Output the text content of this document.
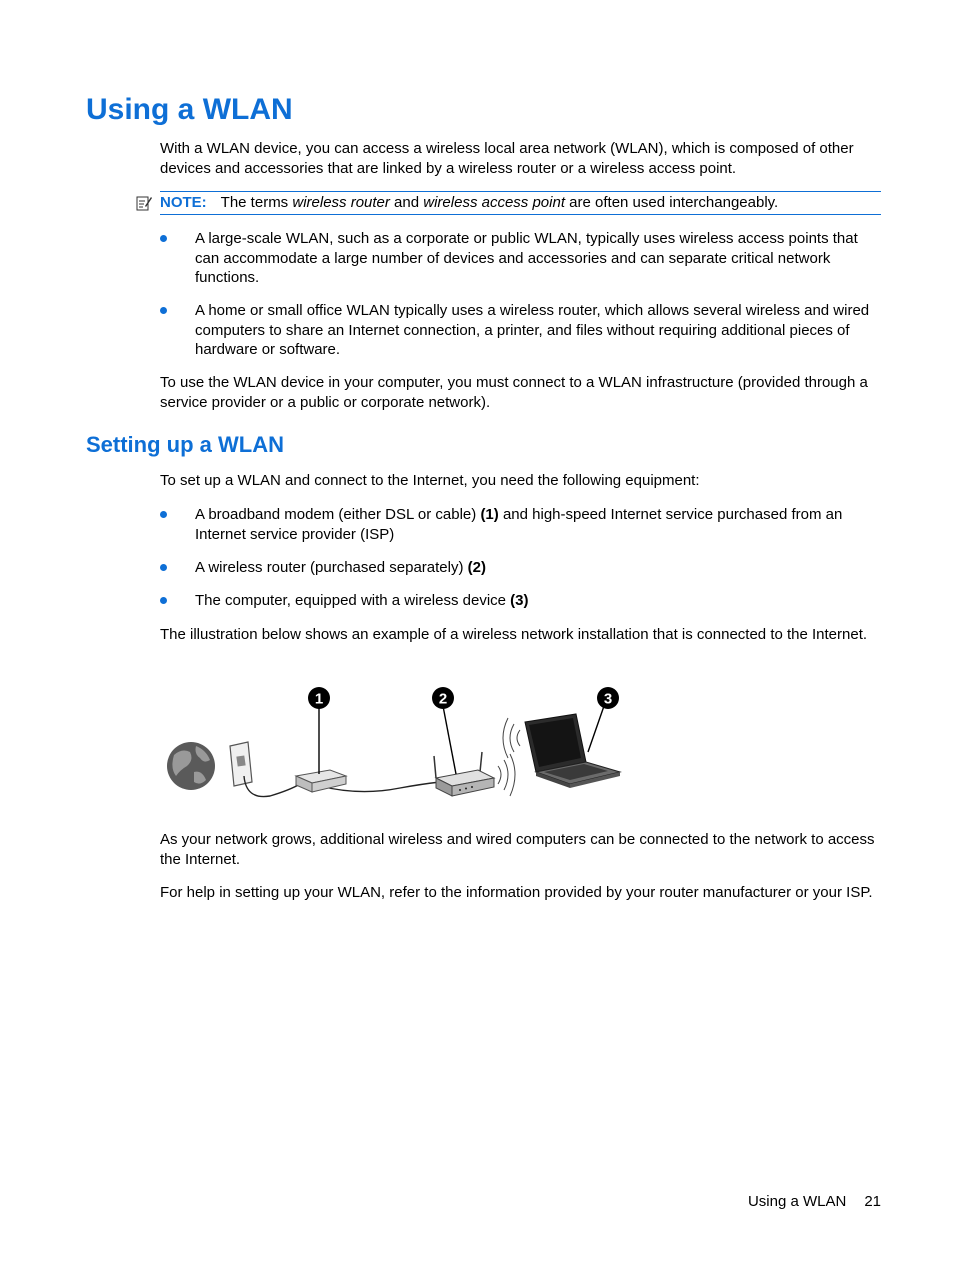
Using a WLAN

With a WLAN device, you can access a wireless local area network (WLAN), which is composed of other devices and accessories that are linked by a wireless router or a wireless access point.

NOTE: The terms wireless router and wireless access point are often used interchangeably.
A large-scale WLAN, such as a corporate or public WLAN, typically uses wireless access points that can accommodate a large number of devices and accessories and can separate critical network functions.
A home or small office WLAN typically uses a wireless router, which allows several wireless and wired computers to share an Internet connection, a printer, and files without requiring additional pieces of hardware or software.

To use the WLAN device in your computer, you must connect to a WLAN infrastructure (provided through a service provider or a public or corporate network).

Setting up a WLAN

To set up a WLAN and connect to the Internet, you need the following equipment:

A broadband modem (either DSL or cable) (1) and high-speed Internet service purchased from an Internet service provider (ISP)
A wireless router (purchased separately) (2)
The computer, equipped with a wireless device (3)

The illustration below shows an example of a wireless network installation that is connected to the Internet.

1	2	3

As your network grows, additional wireless and wired computers can be connected to the network to access the Internet.

For help in setting up your WLAN, refer to the information provided by your router manufacturer or your ISP.

Using a WLAN 21
